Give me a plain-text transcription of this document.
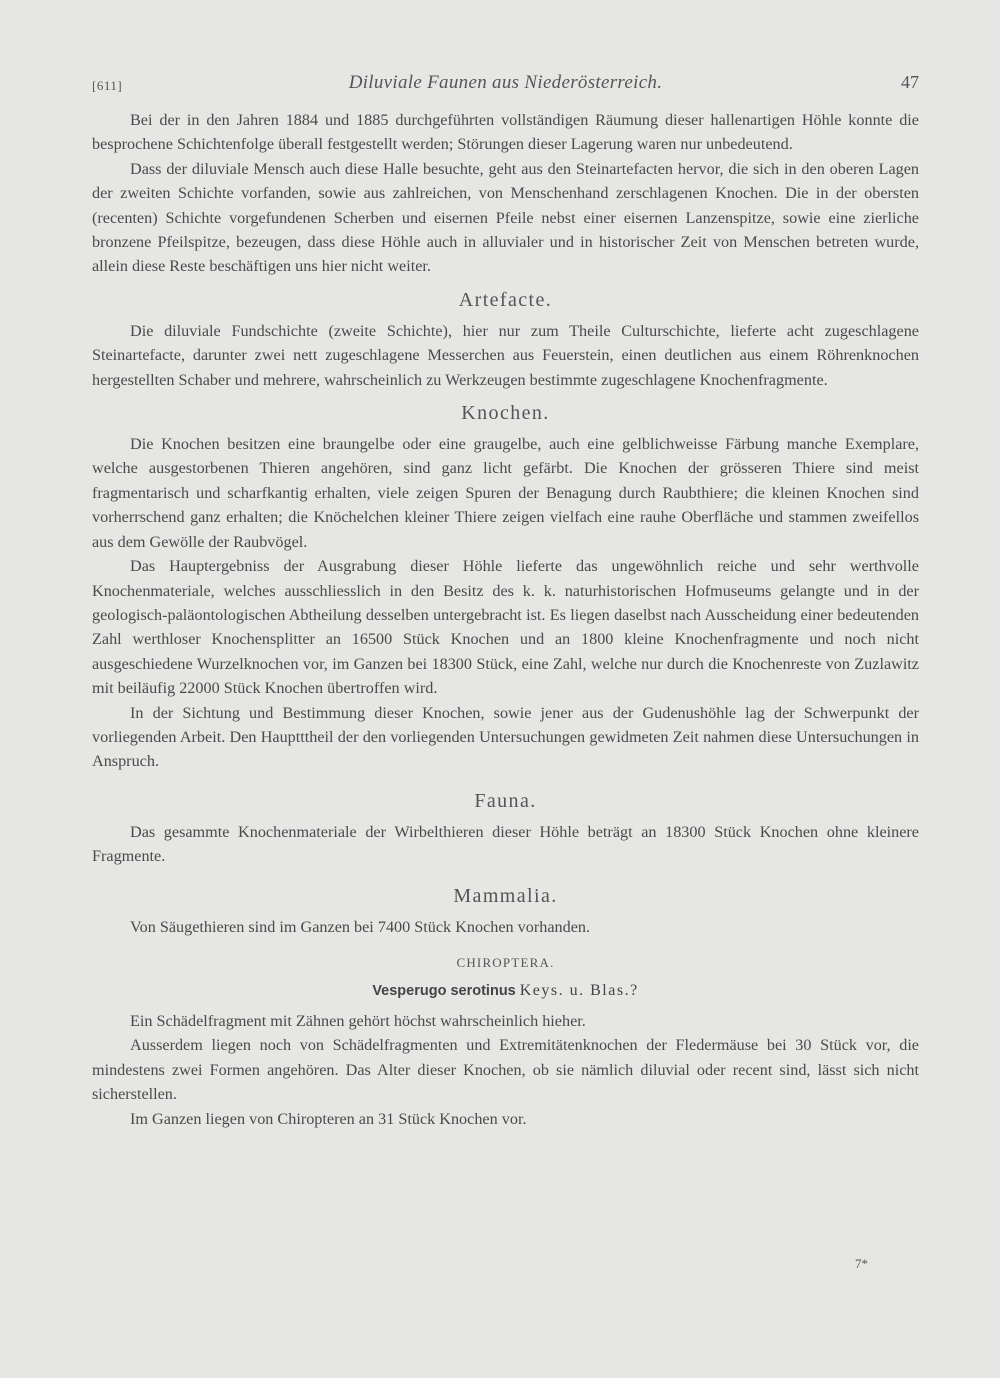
[611]	Diluviale Faunen aus Niederösterreich.	47

Bei der in den Jahren 1884 und 1885 durchgeführten vollständigen Räumung dieser hallenartigen Höhle konnte die besprochene Schichtenfolge überall festgestellt werden; Störungen dieser Lagerung waren nur unbedeutend.

Dass der diluviale Mensch auch diese Halle besuchte, geht aus den Steinartefacten hervor, die sich in den oberen Lagen der zweiten Schichte vorfanden, sowie aus zahlreichen, von Menschenhand zerschlagenen Knochen. Die in der obersten (recenten) Schichte vorgefundenen Scherben und eisernen Pfeile nebst einer eisernen Lanzenspitze, sowie eine zierliche bronzene Pfeilspitze, bezeugen, dass diese Höhle auch in alluvialer und in historischer Zeit von Menschen betreten wurde, allein diese Reste beschäftigen uns hier nicht weiter.

Artefacte.

Die diluviale Fundschichte (zweite Schichte), hier nur zum Theile Culturschichte, lieferte acht zugeschlagene Steinartefacte, darunter zwei nett zugeschlagene Messerchen aus Feuerstein, einen deutlichen aus einem Röhrenknochen hergestellten Schaber und mehrere, wahrscheinlich zu Werkzeugen bestimmte zugeschlagene Knochenfragmente.

Knochen.

Die Knochen besitzen eine braungelbe oder eine graugelbe, auch eine gelblichweisse Färbung manche Exemplare, welche ausgestorbenen Thieren angehören, sind ganz licht gefärbt. Die Knochen der grösseren Thiere sind meist fragmentarisch und scharfkantig erhalten, viele zeigen Spuren der Benagung durch Raubthiere; die kleinen Knochen sind vorherrschend ganz erhalten; die Knöchelchen kleiner Thiere zeigen vielfach eine rauhe Oberfläche und stammen zweifellos aus dem Gewölle der Raubvögel.

Das Hauptergebniss der Ausgrabung dieser Höhle lieferte das ungewöhnlich reiche und sehr werthvolle Knochenmateriale, welches ausschliesslich in den Besitz des k. k. naturhistorischen Hofmuseums gelangte und in der geologisch-paläontologischen Abtheilung desselben untergebracht ist. Es liegen daselbst nach Ausscheidung einer bedeutenden Zahl werthloser Knochensplitter an 16500 Stück Knochen und an 1800 kleine Knochenfragmente und noch nicht ausgeschiedene Wurzelknochen vor, im Ganzen bei 18300 Stück, eine Zahl, welche nur durch die Knochenreste von Zuzlawitz mit beiläufig 22000 Stück Knochen übertroffen wird.

In der Sichtung und Bestimmung dieser Knochen, sowie jener aus der Gudenushöhle lag der Schwerpunkt der vorliegenden Arbeit. Den Hauptttheil der den vorliegenden Untersuchungen gewidmeten Zeit nahmen diese Untersuchungen in Anspruch.

Fauna.

Das gesammte Knochenmateriale der Wirbelthieren dieser Höhle beträgt an 18300 Stück Knochen ohne kleinere Fragmente.

Mammalia.

Von Säugethieren sind im Ganzen bei 7400 Stück Knochen vorhanden.

CHIROPTERA.
Vesperugo serotinus Keys. u. Blas.?

Ein Schädelfragment mit Zähnen gehört höchst wahrscheinlich hieher.

Ausserdem liegen noch von Schädelfragmenten und Extremitätenknochen der Fledermäuse bei 30 Stück vor, die mindestens zwei Formen angehören. Das Alter dieser Knochen, ob sie nämlich diluvial oder recent sind, lässt sich nicht sicherstellen.

Im Ganzen liegen von Chiropteren an 31 Stück Knochen vor.

7*
